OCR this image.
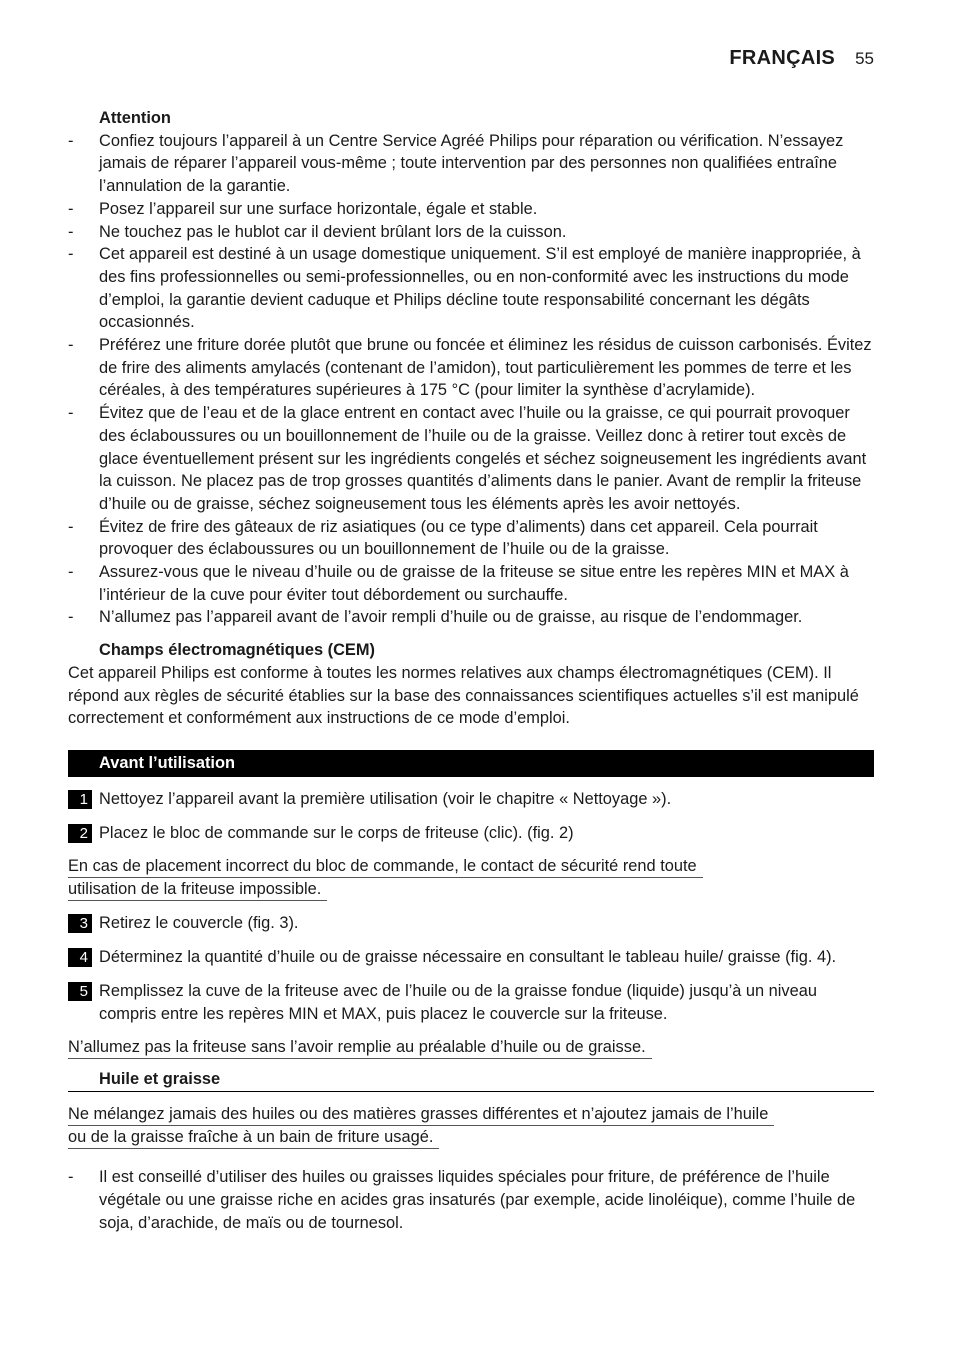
FRANÇAIS 55
Attention
- Confiez toujours l’appareil à un Centre Service Agréé Philips pour réparation ou vérification. N’essayez jamais de réparer l’appareil vous-même ; toute intervention par des personnes non qualifiées entraîne l’annulation de la garantie.
- Posez l’appareil sur une surface horizontale, égale et stable.
- Ne touchez pas le hublot car il devient brûlant lors de la cuisson.
- Cet appareil est destiné à un usage domestique uniquement. S’il est employé de manière inappropriée, à des fins professionnelles ou semi-professionnelles, ou en non-conformité avec les instructions du mode d’emploi, la garantie devient caduque et Philips décline toute responsabilité concernant les dégâts occasionnés.
- Préférez une friture dorée plutôt que brune ou foncée et éliminez les résidus de cuisson carbonisés. Évitez de frire des aliments amylacés (contenant de l’amidon), tout particulièrement les pommes de terre et les céréales, à des températures supérieures à 175 °C (pour limiter la synthèse d’acrylamide).
- Évitez que de l’eau et de la glace entrent en contact avec l’huile ou la graisse, ce qui pourrait provoquer des éclaboussures ou un bouillonnement de l’huile ou de la graisse. Veillez donc à retirer tout excès de glace éventuellement présent sur les ingrédients congelés et séchez soigneusement les ingrédients avant la cuisson. Ne placez pas de trop grosses quantités d’aliments dans le panier. Avant de remplir la friteuse d’huile ou de graisse, séchez soigneusement tous les éléments après les avoir nettoyés.
- Évitez de frire des gâteaux de riz asiatiques (ou ce type d’aliments) dans cet appareil. Cela pourrait provoquer des éclaboussures ou un bouillonnement de l’huile ou de la graisse.
- Assurez-vous que le niveau d’huile ou de graisse de la friteuse se situe entre les repères MIN et MAX à l’intérieur de la cuve pour éviter tout débordement ou surchauffe.
- N’allumez pas l’appareil avant de l’avoir rempli d’huile ou de graisse, au risque de l’endommager.
Champs électromagnétiques (CEM)

Cet appareil Philips est conforme à toutes les normes relatives aux champs électromagnétiques (CEM). Il répond aux règles de sécurité établies sur la base des connaissances scientifiques actuelles s’il est manipulé correctement et conformément aux instructions de ce mode d’emploi.

Avant l’utilisation
1 Nettoyez l’appareil avant la première utilisation (voir le chapitre « Nettoyage »).
2 Placez le bloc de commande sur le corps de friteuse (clic). (fig. 2)
En cas de placement incorrect du bloc de commande, le contact de sécurité rend toute
utilisation de la friteuse impossible.
3 Retirez le couvercle (fig. 3).
4 Déterminez la quantité d’huile ou de graisse nécessaire en consultant le tableau huile/ graisse (fig. 4).
5 Remplissez la cuve de la friteuse avec de l’huile ou de la graisse fondue (liquide) jusqu’à un niveau compris entre les repères MIN et MAX, puis placez le couvercle sur la friteuse.
N’allumez pas la friteuse sans l’avoir remplie au préalable d’huile ou de graisse.
Huile et graisse
Ne mélangez jamais des huiles ou des matières grasses différentes et n’ajoutez jamais de l’huile
ou de la graisse fraîche à un bain de friture usagé.
- Il est conseillé d’utiliser des huiles ou graisses liquides spéciales pour friture, de préférence de l’huile végétale ou une graisse riche en acides gras insaturés (par exemple, acide linoléique), comme l’huile de soja, d’arachide, de maïs ou de tournesol.
